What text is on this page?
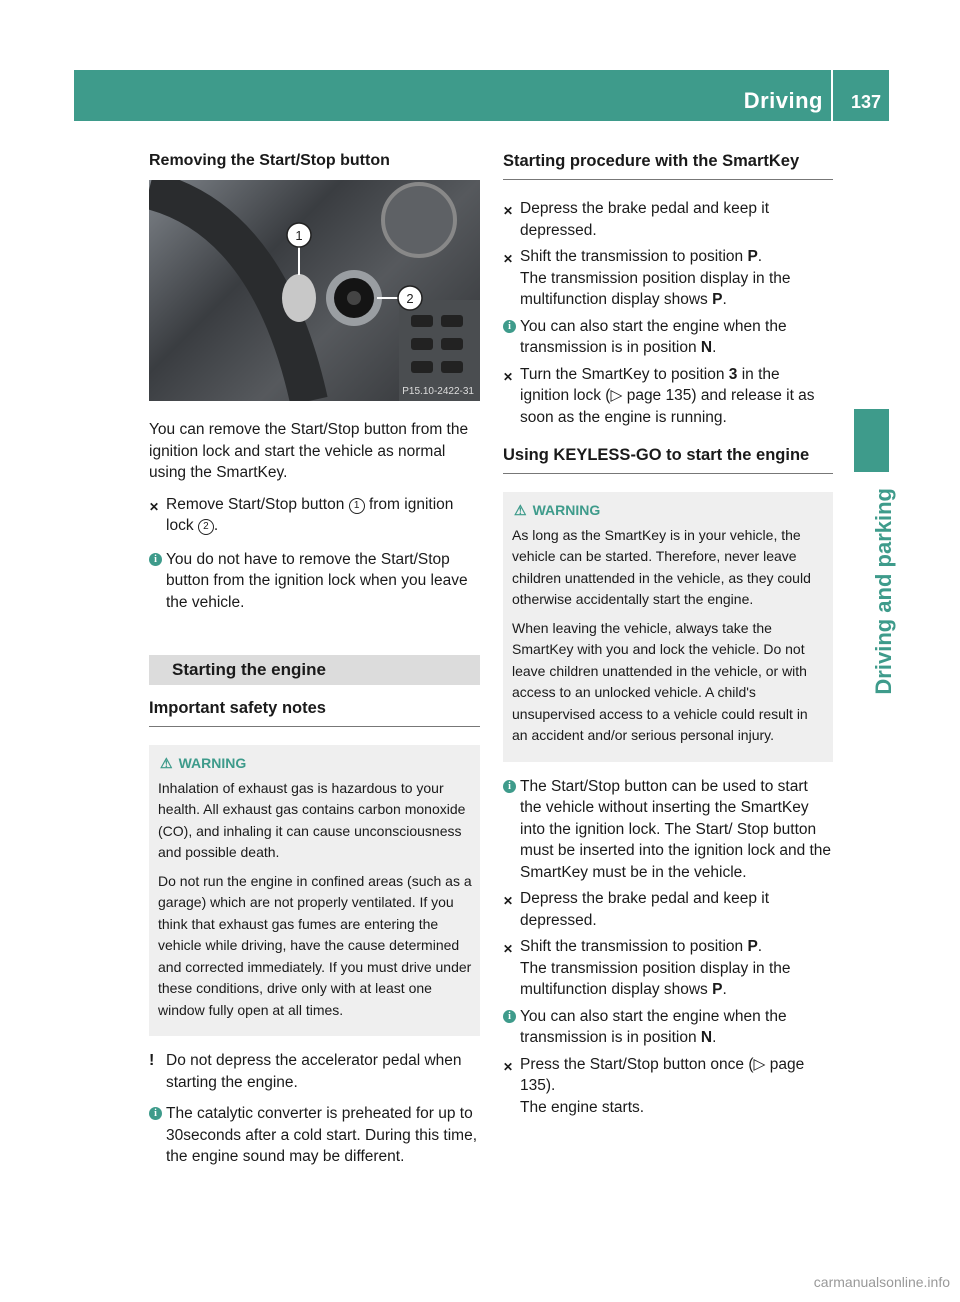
Driving 137
Driving and parking
Removing the Start/Stop button
1
2
P15.10-2422-31

You can remove the Start/Stop button from the ignition lock and start the vehicle as normal using the SmartKey.

✕ Remove Start/Stop button 1 from ignition lock 2 .
i You do not have to remove the Start/Stop button from the ignition lock when you leave the vehicle.
Starting the engine
Important safety notes
⚠ WARNING

Inhalation of exhaust gas is hazardous to your health. All exhaust gas contains carbon monoxide (CO), and inhaling it can cause unconsciousness and possible death.

Do not run the engine in confined areas (such as a garage) which are not properly ventilated. If you think that exhaust gas fumes are entering the vehicle while driving, have the cause determined and corrected immediately. If you must drive under these conditions, drive only with at least one window fully open at all times.

! Do not depress the accelerator pedal when starting the engine.
i The catalytic converter is preheated for up to 30seconds after a cold start. During this time, the engine sound may be different.
Starting procedure with the SmartKey
✕ Depress the brake pedal and keep it depressed.
✕ Shift the transmission to position P.
The transmission position display in the multifunction display shows P.
i You can also start the engine when the transmission is in position N.
✕ Turn the SmartKey to position 3 in the ignition lock (▷ page 135) and release it as soon as the engine is running.
Using KEYLESS-GO to start the engine
⚠ WARNING

As long as the SmartKey is in your vehicle, the vehicle can be started. Therefore, never leave children unattended in the vehicle, as they could otherwise accidentally start the engine.

When leaving the vehicle, always take the SmartKey with you and lock the vehicle. Do not leave children unattended in the vehicle, or with access to an unlocked vehicle. A child's unsupervised access to a vehicle could result in an accident and/or serious personal injury.

i The Start/Stop button can be used to start the vehicle without inserting the SmartKey into the ignition lock. The Start/ Stop button must be inserted into the ignition lock and the SmartKey must be in the vehicle.
✕ Depress the brake pedal and keep it depressed.
✕ Shift the transmission to position P.
The transmission position display in the multifunction display shows P.
i You can also start the engine when the transmission is in position N.
✕ Press the Start/Stop button once (▷ page 135).
The engine starts.
carmanualsonline.info
